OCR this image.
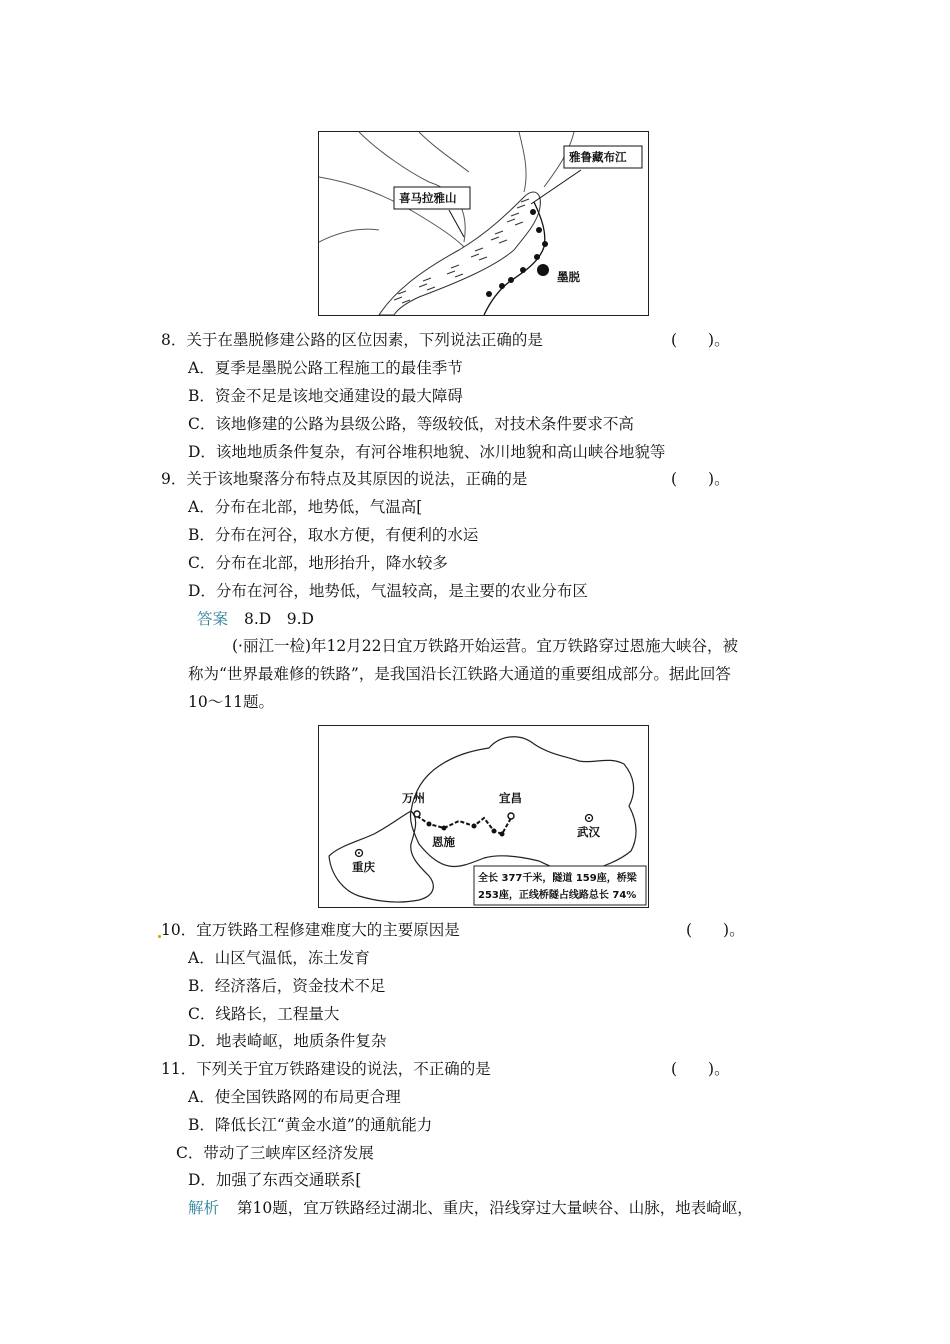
雅鲁藏布江
喜马拉雅山
墨脱
8．关于在墨脱修建公路的区位因素，下列说法正确的是	(　　)。
A．夏季是墨脱公路工程施工的最佳季节
B．资金不足是该地交通建设的最大障碍
C．该地修建的公路为县级公路，等级较低，对技术条件要求不高
D．该地地质条件复杂，有河谷堆积地貌、冰川地貌和高山峡谷地貌等
9．关于该地聚落分布特点及其原因的说法，正确的是	(　　)。
A．分布在北部，地势低，气温高[
B．分布在河谷，取水方便，有便利的水运
C．分布在北部，地形抬升，降水较多
D．分布在河谷，地势低，气温较高，是主要的农业分布区
答案 8.D　9.D
(·丽江一检)年12月22日宜万铁路开始运营。宜万铁路穿过恩施大峡谷，被
称为“世界最难修的铁路”，是我国沿长江铁路大通道的重要组成部分。据此回答
10～11题。
万州	宜昌
恩施
武汉
重庆
全长 377千米，隧道 159座，桥梁
253座，正线桥隧占线路总长 74%
10．宜万铁路工程修建难度大的主要原因是	(　　)。
A．山区气温低，冻土发育
B．经济落后，资金技术不足
C．线路长，工程量大
D．地表崎岖，地质条件复杂
11．下列关于宜万铁路建设的说法，不正确的是	(　　)。
A．使全国铁路网的布局更合理
B．降低长江“黄金水道”的通航能力
C．带动了三峡库区经济发展
D．加强了东西交通联系[
解析 第10题，宜万铁路经过湖北、重庆，沿线穿过大量峡谷、山脉，地表崎岖，
